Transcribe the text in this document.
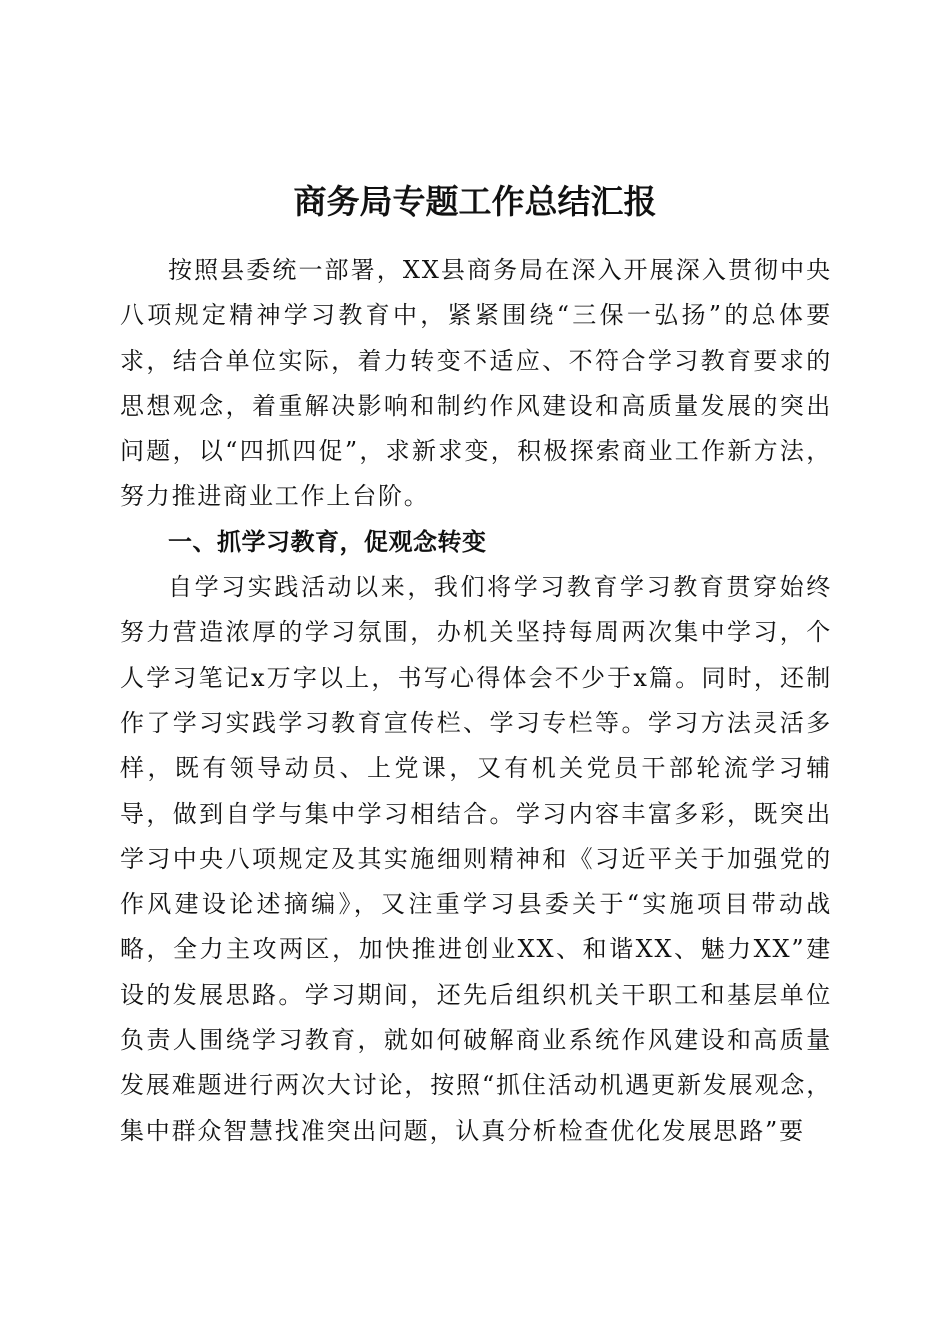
商务局专题工作总结汇报

按照县委统一部署，XX县商务局在深入开展深入贯彻中央八项规定精神学习教育中，紧紧围绕“三保一弘扬”的总体要求，结合单位实际，着力转变不适应、不符合学习教育要求的思想观念，着重解决影响和制约作风建设和高质量发展的突出问题，以“四抓四促”，求新求变，积极探索商业工作新方法，努力推进商业工作上台阶。

一、抓学习教育，促观念转变

自学习实践活动以来，我们将学习教育学习教育贯穿始终努力营造浓厚的学习氛围，办机关坚持每周两次集中学习，个人学习笔记x万字以上，书写心得体会不少于x篇。同时，还制作了学习实践学习教育宣传栏、学习专栏等。学习方法灵活多样，既有领导动员、上党课，又有机关党员干部轮流学习辅导，做到自学与集中学习相结合。学习内容丰富多彩，既突出学习中央八项规定及其实施细则精神和《习近平关于加强党的作风建设论述摘编》，又注重学习县委关于“实施项目带动战略，全力主攻两区，加快推进创业XX、和谐XX、魅力XX”建设的发展思路。学习期间，还先后组织机关干职工和基层单位负责人围绕学习教育，就如何破解商业系统作风建设和高质量发展难题进行两次大讨论，按照“抓住活动机遇更新发展观念，集中群众智慧找准突出问题，认真分析检查优化发展思路”要
